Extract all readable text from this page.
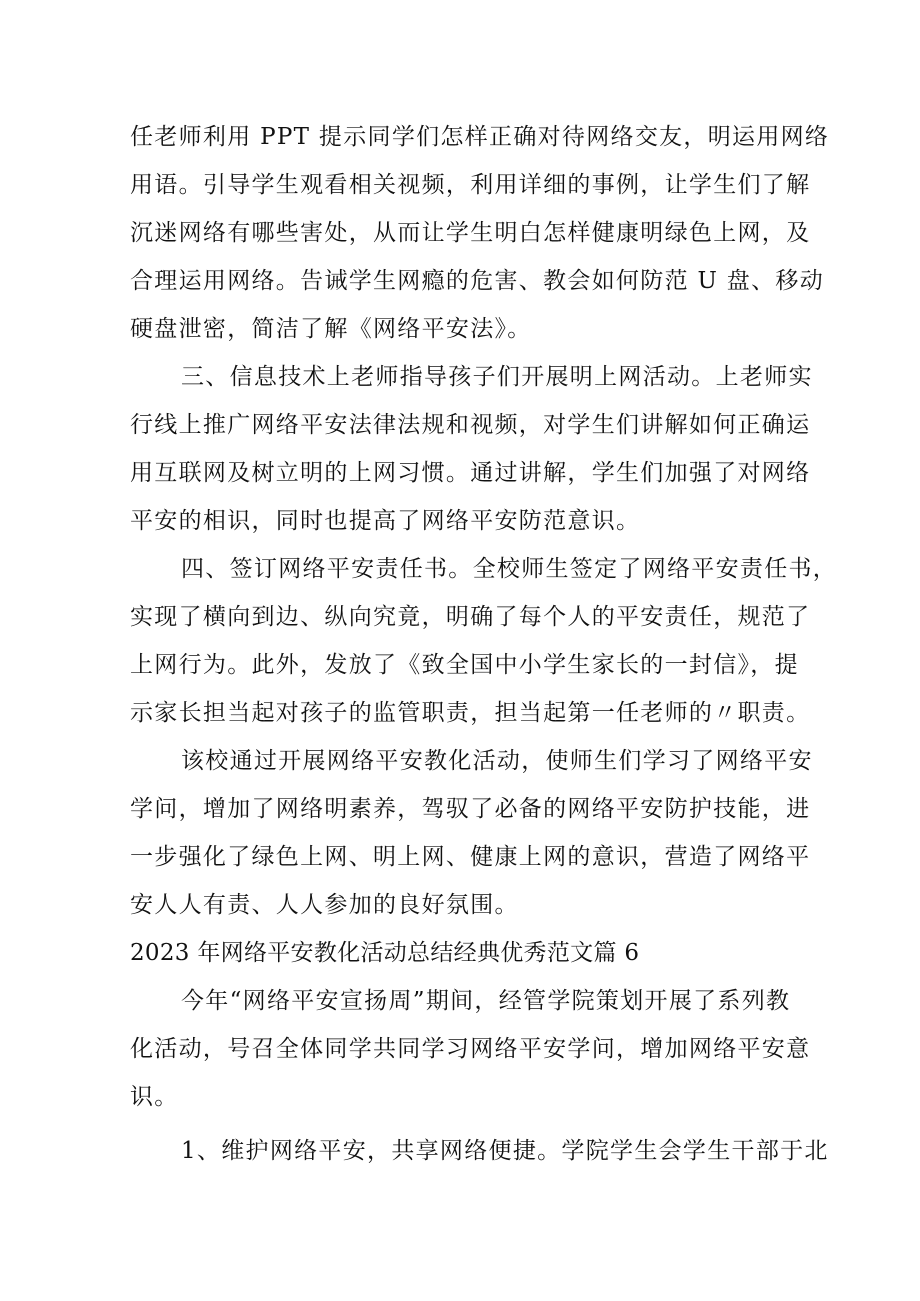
任老师利用 PPT 提示同学们怎样正确对待网络交友，明运用网络
用语。引导学生观看相关视频，利用详细的事例，让学生们了解
沉迷网络有哪些害处，从而让学生明白怎样健康明绿色上网，及
合理运用网络。告诫学生网瘾的危害、教会如何防范 U 盘、移动
硬盘泄密，简洁了解《网络平安法》。
三、信息技术上老师指导孩子们开展明上网活动。上老师实
行线上推广网络平安法律法规和视频，对学生们讲解如何正确运
用互联网及树立明的上网习惯。通过讲解，学生们加强了对网络
平安的相识，同时也提高了网络平安防范意识。
四、签订网络平安责任书。全校师生签定了网络平安责任书，
实现了横向到边、纵向究竟，明确了每个人的平安责任，规范了
上网行为。此外，发放了《致全国中小学生家长的一封信》，提
示家长担当起对孩子的监管职责，担当起第一任老师的〃职责。
该校通过开展网络平安教化活动，使师生们学习了网络平安
学问，增加了网络明素养，驾驭了必备的网络平安防护技能，进
一步强化了绿色上网、明上网、健康上网的意识，营造了网络平
安人人有责、人人参加的良好氛围。
2023 年网络平安教化活动总结经典优秀范文篇 6
今年“网络平安宣扬周”期间，经管学院策划开展了系列教
化活动，号召全体同学共同学习网络平安学问，增加网络平安意
识。
1、维护网络平安，共享网络便捷。学院学生会学生干部于北
